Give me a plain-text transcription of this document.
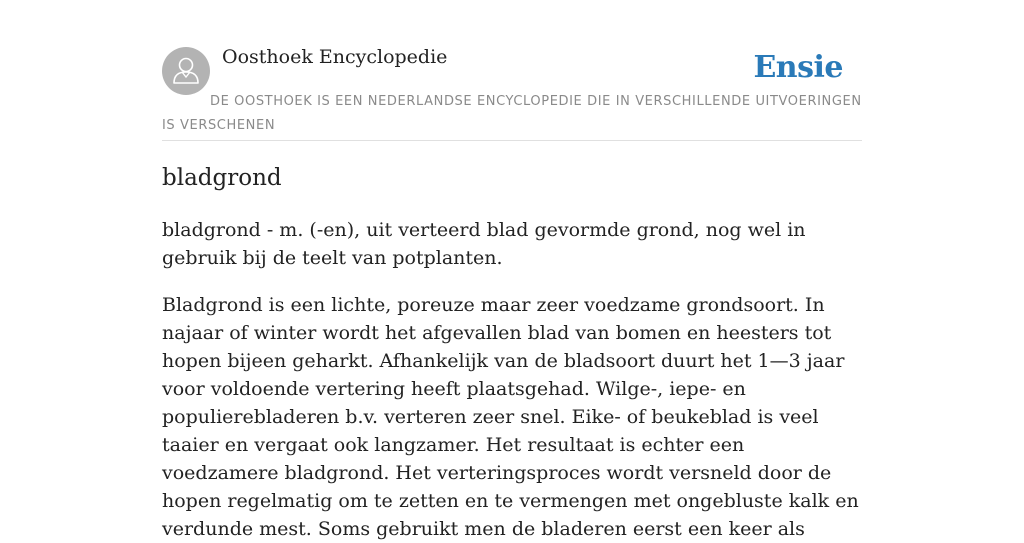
Oosthoek Encyclopedie	Ensie
DE OOSTHOEK IS EEN NEDERLANDSE ENCYCLOPEDIE DIE IN VERSCHILLENDE UITVOERINGEN IS VERSCHENEN
bladgrond

bladgrond - m. (-en), uit verteerd blad gevormde grond, nog wel in gebruik bij de teelt van potplanten.

Bladgrond is een lichte, poreuze maar zeer voedzame grondsoort. In najaar of winter wordt het afgevallen blad van bomen en heesters tot hopen bijeen geharkt. Afhankelijk van de bladsoort duurt het 1—3 jaar voor voldoende vertering heeft plaatsgehad. Wilge-, iepe- en populierebladeren b.v. verteren zeer snel. Eike- of beukeblad is veel taaier en vergaat ook langzamer. Het resultaat is echter een voedzamere bladgrond. Het verteringsproces wordt versneld door de hopen regelmatig om te zetten en te vermengen met ongebluste kalk en verdunde mest. Soms gebruikt men de bladeren eerst een keer als
